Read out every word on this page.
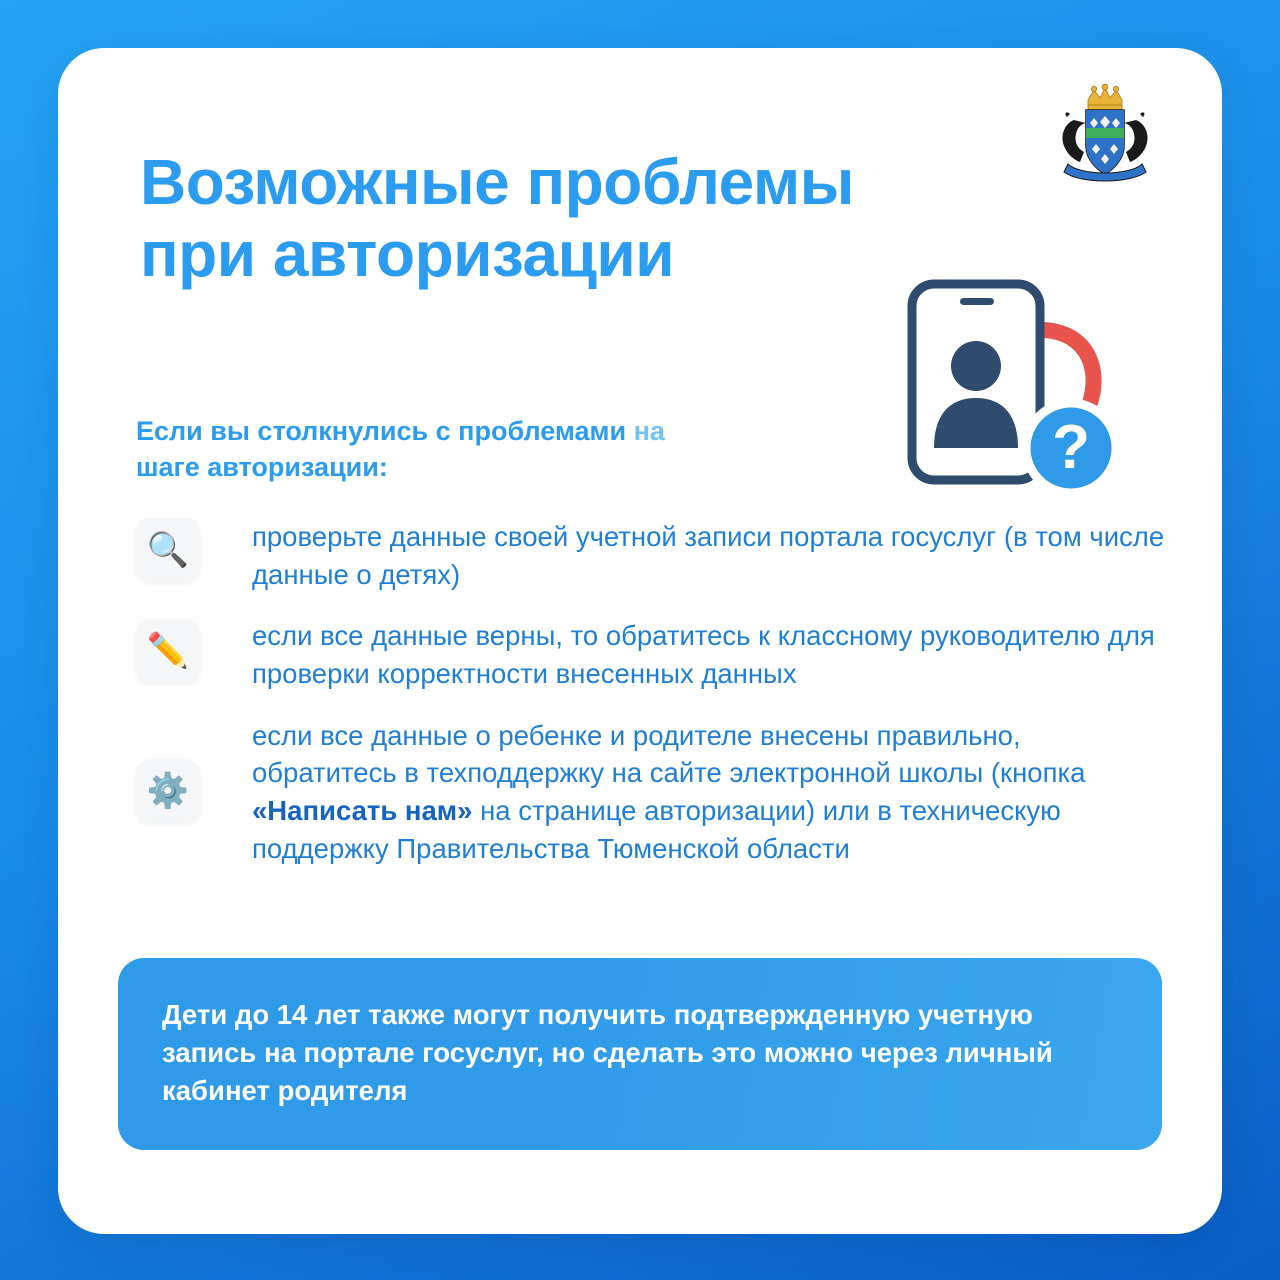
Возможные проблемы
при авторизации
?
Если вы столкнулись с проблемами на
шаге авторизации:
🔍	проверьте данные своей учетной записи портала госуслуг (в том числе данные о детях)
✏️	если все данные верны, то обратитесь к классному руководителю для проверки корректности внесенных данных
⚙️
если все данные о ребенке и родителе внесены правильно, обратитесь в техподдержку на сайте электронной школы (кнопка «Написать нам» на странице авторизации) или в техническую поддержку Правительства Тюменской области
Дети до 14 лет также могут получить подтвержденную учетную запись на портале госуслуг, но сделать это можно через личный кабинет родителя
